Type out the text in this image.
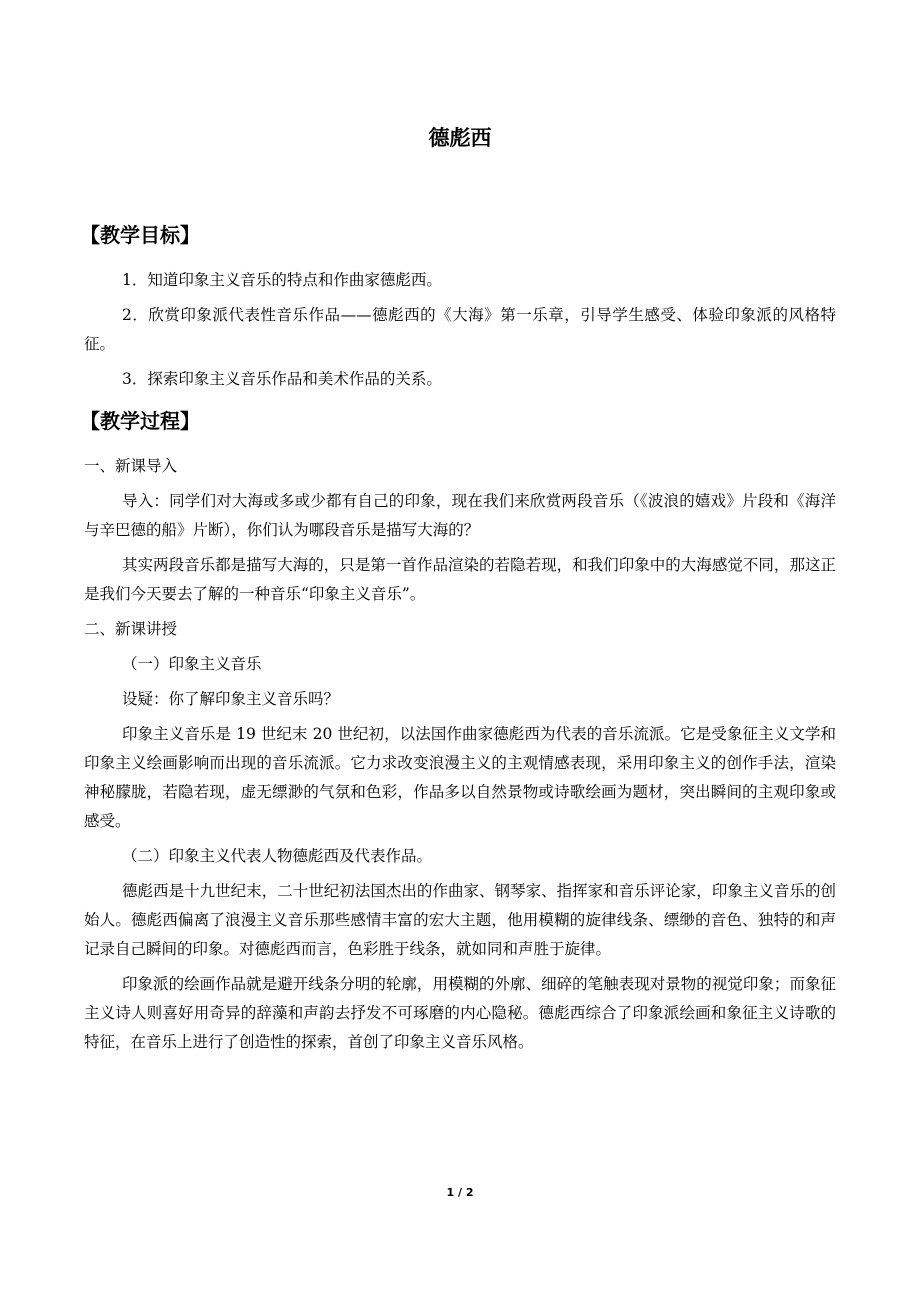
德彪西
【教学目标】

1．知道印象主义音乐的特点和作曲家德彪西。

2．欣赏印象派代表性音乐作品——德彪西的《大海》第一乐章，引导学生感受、体验印象派的风格特征。

3．探索印象主义音乐作品和美术作品的关系。

【教学过程】

一、新课导入

导入：同学们对大海或多或少都有自己的印象，现在我们来欣赏两段音乐（《波浪的嬉戏》片段和《海洋与辛巴德的船》片断），你们认为哪段音乐是描写大海的？

其实两段音乐都是描写大海的，只是第一首作品渲染的若隐若现，和我们印象中的大海感觉不同，那这正是我们今天要去了解的一种音乐“印象主义音乐”。

二、新课讲授

（一）印象主义音乐

设疑：你了解印象主义音乐吗？

印象主义音乐是 19 世纪末 20 世纪初，以法国作曲家德彪西为代表的音乐流派。它是受象征主义文学和印象主义绘画影响而出现的音乐流派。它力求改变浪漫主义的主观情感表现，采用印象主义的创作手法，渲染神秘朦胧，若隐若现，虚无缥渺的气氛和色彩，作品多以自然景物或诗歌绘画为题材，突出瞬间的主观印象或感受。

（二）印象主义代表人物德彪西及代表作品。

德彪西是十九世纪末，二十世纪初法国杰出的作曲家、钢琴家、指挥家和音乐评论家，印象主义音乐的创始人。德彪西偏离了浪漫主义音乐那些感情丰富的宏大主题，他用模糊的旋律线条、缥缈的音色、独特的和声记录自己瞬间的印象。对德彪西而言，色彩胜于线条，就如同和声胜于旋律。

印象派的绘画作品就是避开线条分明的轮廓，用模糊的外廓、细碎的笔触表现对景物的视觉印象；而象征主义诗人则喜好用奇异的辞藻和声韵去抒发不可琢磨的内心隐秘。德彪西综合了印象派绘画和象征主义诗歌的特征，在音乐上进行了创造性的探索，首创了印象主义音乐风格。

1 / 2
